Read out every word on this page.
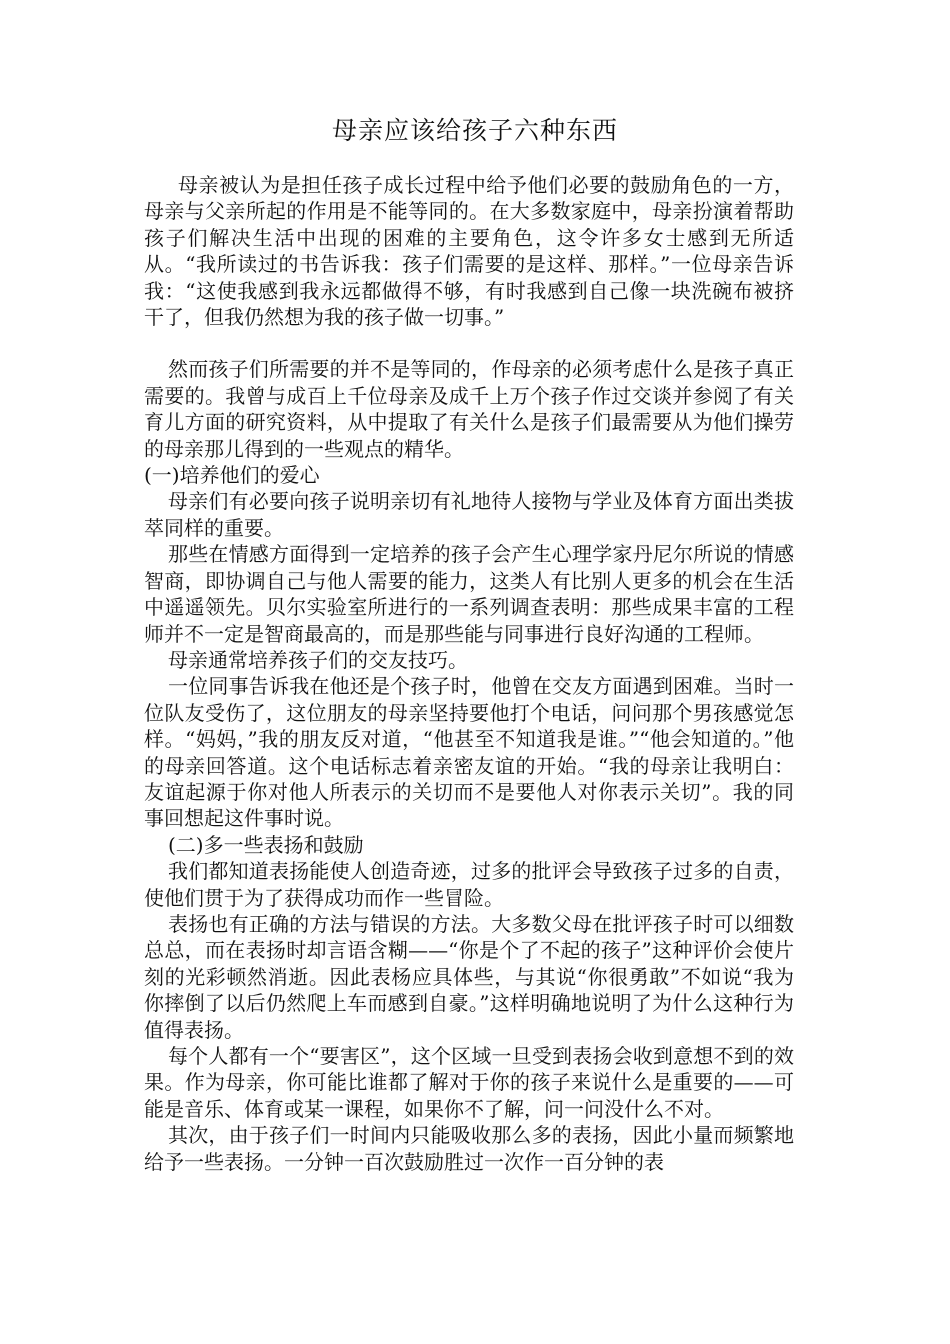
母亲应该给孩子六种东西

母亲被认为是担任孩子成长过程中给予他们必要的鼓励角色的一方，母亲与父亲所起的作用是不能等同的。在大多数家庭中，母亲扮演着帮助孩子们解决生活中出现的困难的主要角色，这令许多女士感到无所适从。“我所读过的书告诉我：孩子们需要的是这样、那样。”一位母亲告诉我：“这使我感到我永远都做得不够，有时我感到自己像一块洗碗布被挤干了，但我仍然想为我的孩子做一切事。”

然而孩子们所需要的并不是等同的，作母亲的必须考虑什么是孩子真正需要的。我曾与成百上千位母亲及成千上万个孩子作过交谈并参阅了有关育儿方面的研究资料，从中提取了有关什么是孩子们最需要从为他们操劳的母亲那儿得到的一些观点的精华。

(一)培养他们的爱心

母亲们有必要向孩子说明亲切有礼地待人接物与学业及体育方面出类拔萃同样的重要。

那些在情感方面得到一定培养的孩子会产生心理学家丹尼尔所说的情感智商，即协调自己与他人需要的能力，这类人有比别人更多的机会在生活中遥遥领先。贝尔实验室所进行的一系列调查表明：那些成果丰富的工程师并不一定是智商最高的，而是那些能与同事进行良好沟通的工程师。

母亲通常培养孩子们的交友技巧。

一位同事告诉我在他还是个孩子时，他曾在交友方面遇到困难。当时一位队友受伤了，这位朋友的母亲坚持要他打个电话，问问那个男孩感觉怎样。“妈妈，”我的朋友反对道，“他甚至不知道我是谁。”“他会知道的。”他的母亲回答道。这个电话标志着亲密友谊的开始。“我的母亲让我明白：友谊起源于你对他人所表示的关切而不是要他人对你表示关切”。我的同事回想起这件事时说。

(二)多一些表扬和鼓励

我们都知道表扬能使人创造奇迹，过多的批评会导致孩子过多的自责，使他们贯于为了获得成功而作一些冒险。

表扬也有正确的方法与错误的方法。大多数父母在批评孩子时可以细数总总，而在表扬时却言语含糊——“你是个了不起的孩子”这种评价会使片刻的光彩顿然消逝。因此表杨应具体些，与其说“你很勇敢”不如说“我为你摔倒了以后仍然爬上车而感到自豪。”这样明确地说明了为什么这种行为值得表扬。

每个人都有一个“要害区”，这个区域一旦受到表扬会收到意想不到的效果。作为母亲，你可能比谁都了解对于你的孩子来说什么是重要的——可能是音乐、体育或某一课程，如果你不了解，问一问没什么不对。

其次，由于孩子们一时间内只能吸收那么多的表扬，因此小量而频繁地给予一些表扬。一分钟一百次鼓励胜过一次作一百分钟的表
